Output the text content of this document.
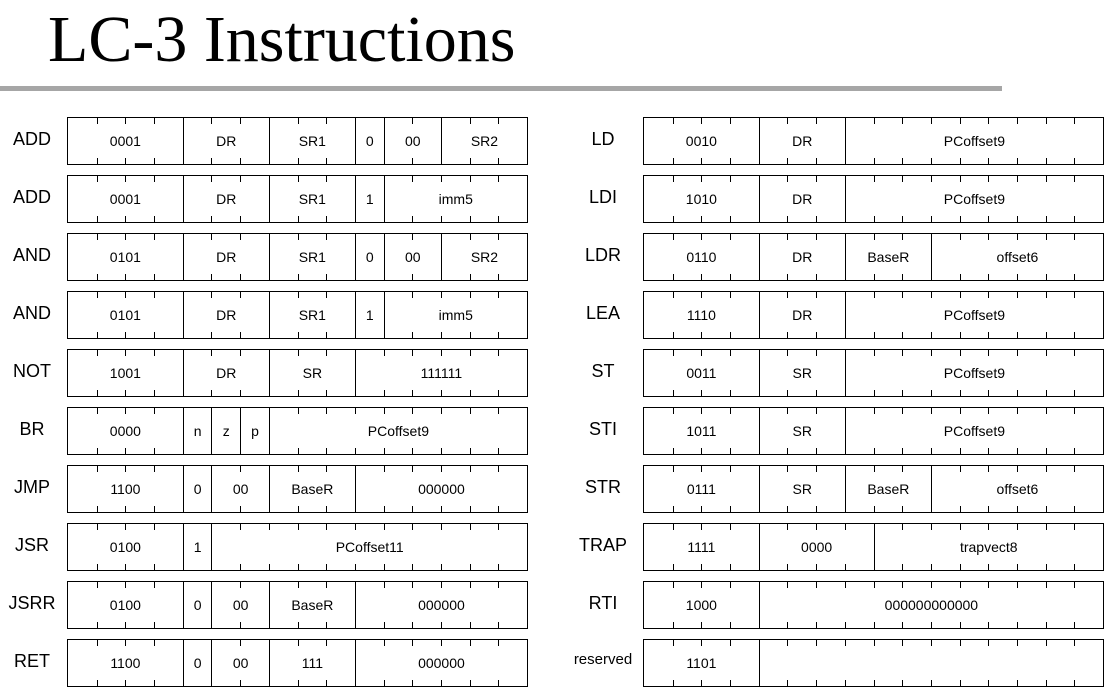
LC-3 Instructions
ADD	0001	DR	SR1	0	00	SR2
ADD	0001	DR	SR1	1	imm5
AND	0101	DR	SR1	0	00	SR2
AND	0101	DR	SR1	1	imm5
NOT	1001	DR	SR	111111
BR	0000	n	z	p	PCoffset9
JMP	1100	0	00	BaseR	000000
JSR	0100	1	PCoffset11
JSRR	0100	0	00	BaseR	000000
RET	1100	0	00	111	000000
LD	0010	DR	PCoffset9
LDI	1010	DR	PCoffset9
LDR	0110	DR	BaseR	offset6
LEA	1110	DR	PCoffset9
ST	0011	SR	PCoffset9
STI	1011	SR	PCoffset9
STR	0111	SR	BaseR	offset6
TRAP	1111	0000	trapvect8
RTI	1000	000000000000
reserved	1101
